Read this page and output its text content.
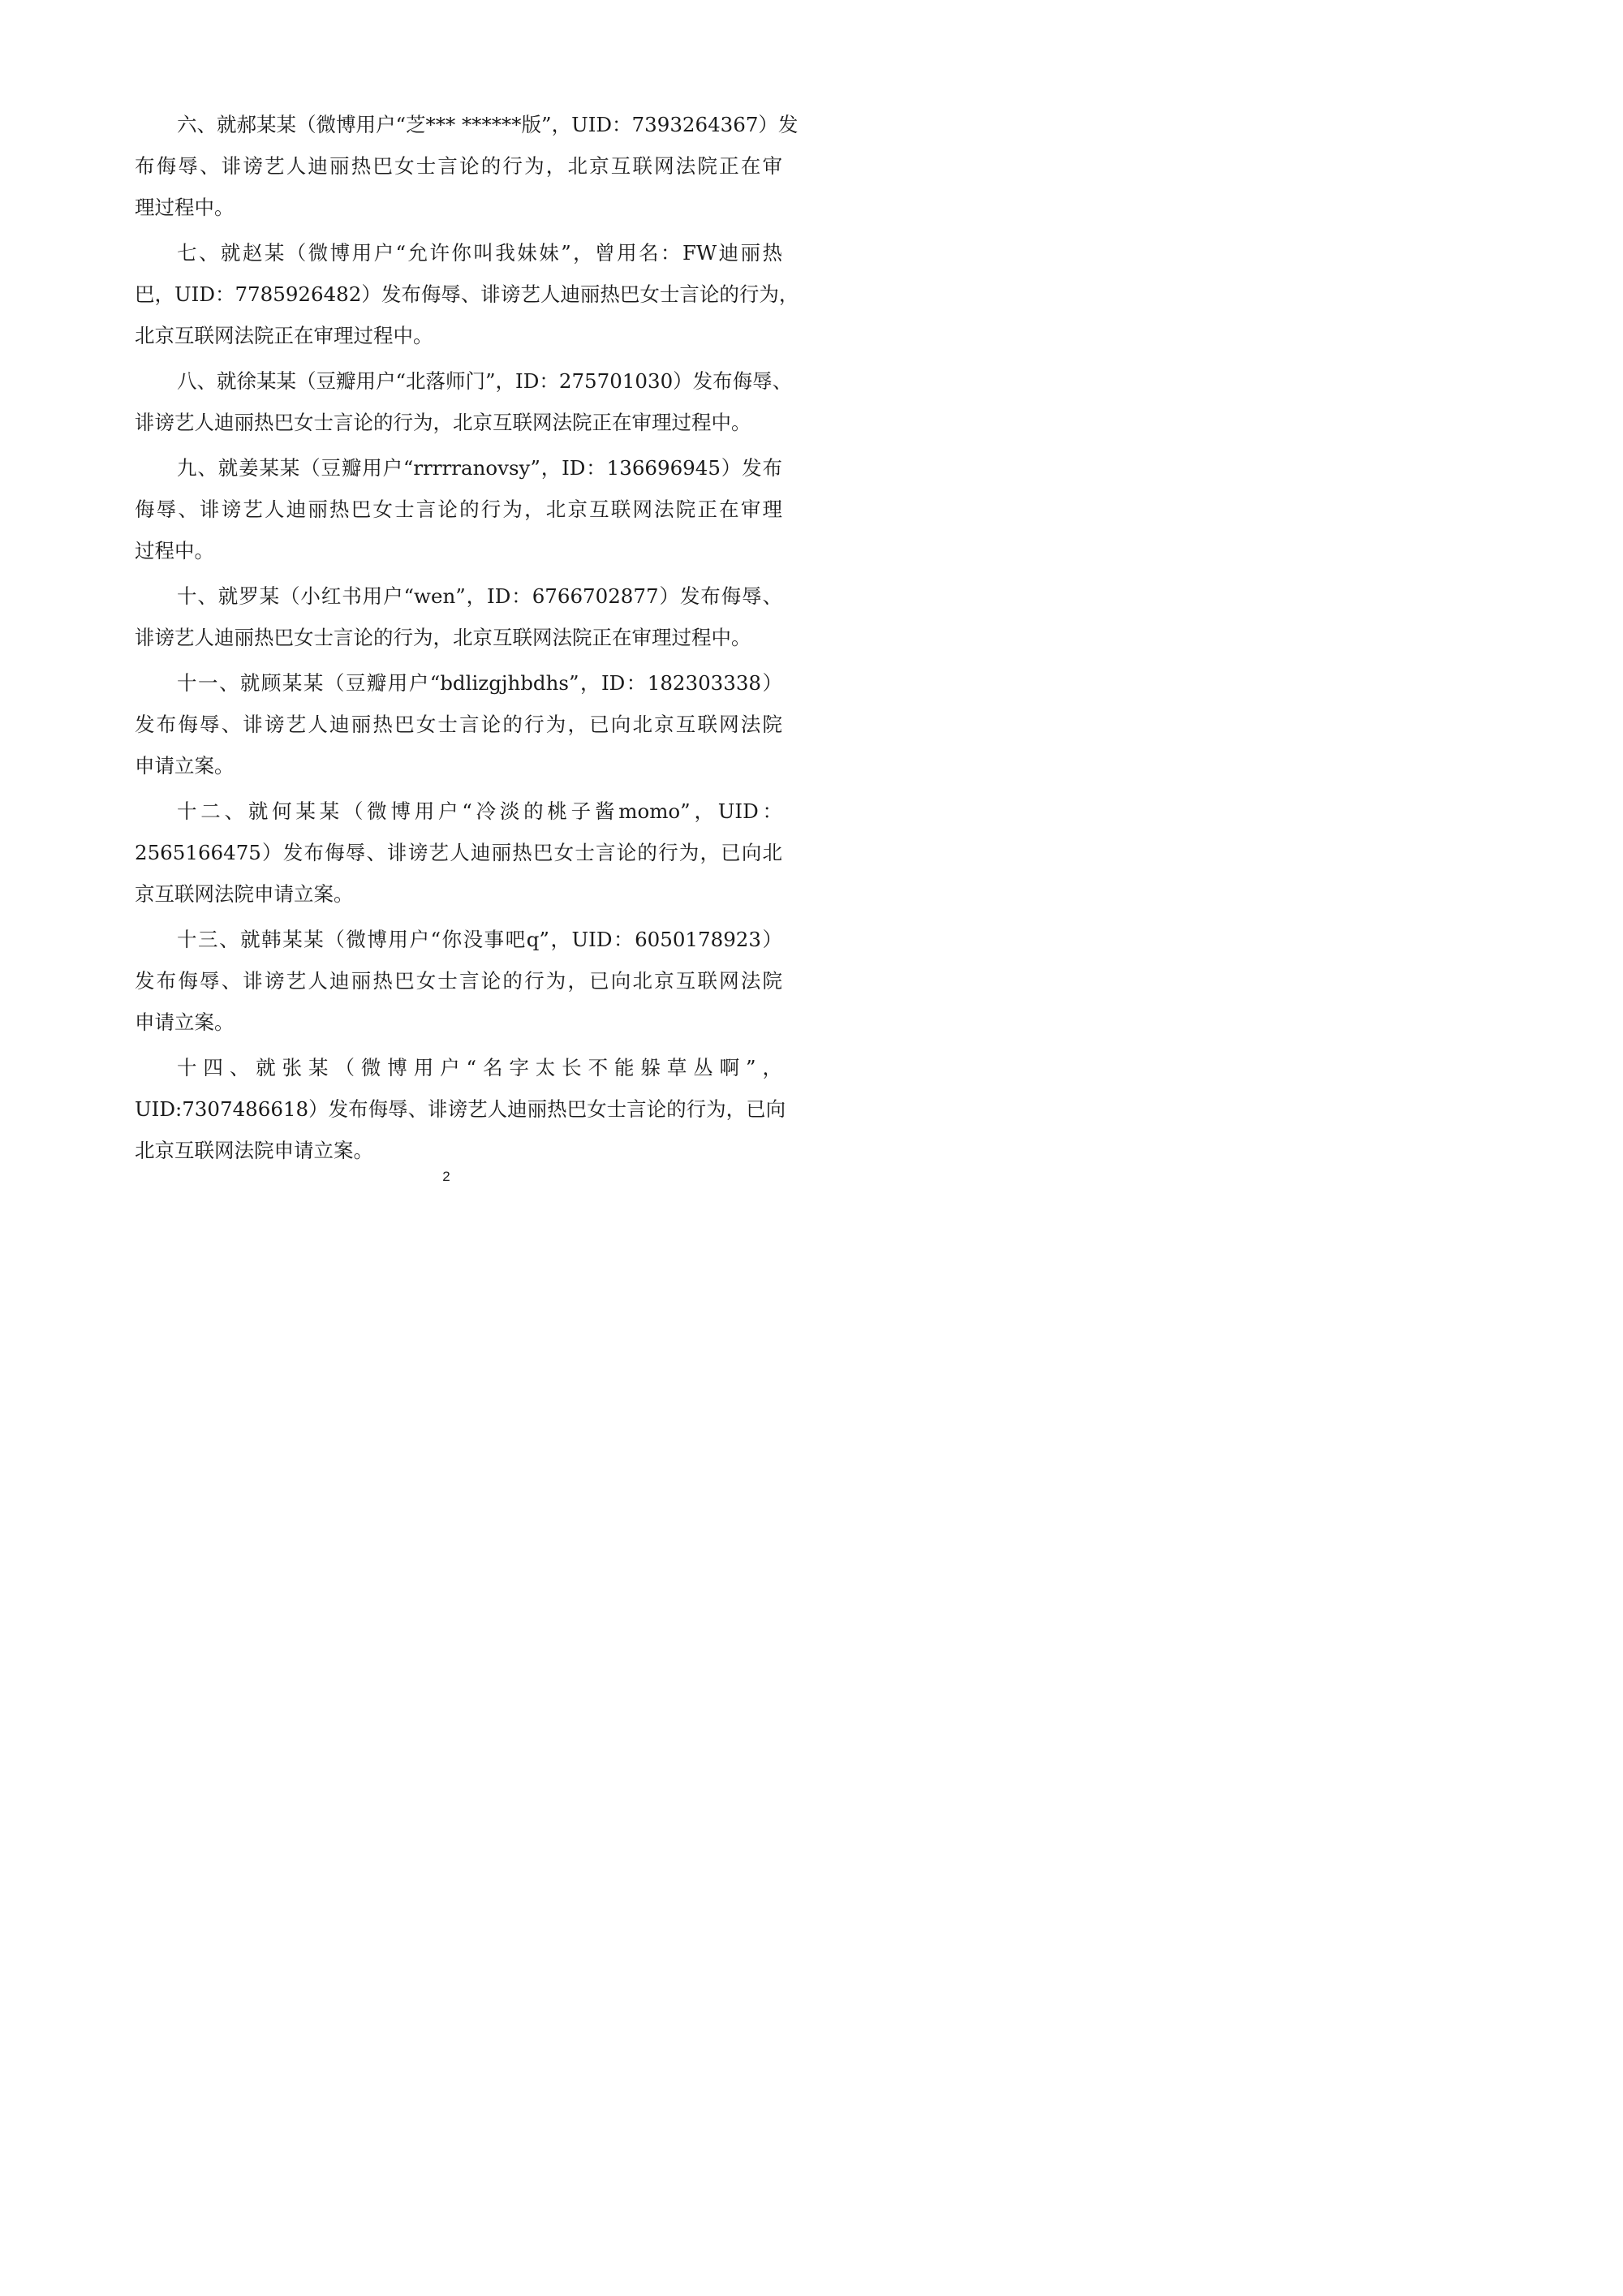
六、就郝某某（微博用户“芝*** ******版”，UID：7393264367）发
布侮辱、诽谤艺人迪丽热巴女士言论的行为，北京互联网法院正在审
理过程中。

七、就赵某（微博用户“允许你叫我妹妹”，曾用名：FW迪丽热
巴，UID：7785926482）发布侮辱、诽谤艺人迪丽热巴女士言论的行为，
北京互联网法院正在审理过程中。

八、就徐某某（豆瓣用户“北落师门”，ID：275701030）发布侮辱、
诽谤艺人迪丽热巴女士言论的行为，北京互联网法院正在审理过程中。

九、就姜某某（豆瓣用户“rrrrranovsy”，ID：136696945）发布
侮辱、诽谤艺人迪丽热巴女士言论的行为，北京互联网法院正在审理
过程中。

十、就罗某（小红书用户“wen”，ID：6766702877）发布侮辱、
诽谤艺人迪丽热巴女士言论的行为，北京互联网法院正在审理过程中。

十一、就顾某某（豆瓣用户“bdlizgjhbdhs”，ID：182303338）
发布侮辱、诽谤艺人迪丽热巴女士言论的行为，已向北京互联网法院
申请立案。

十二、就何某某（微博用户“冷淡的桃子酱momo”，UID：
2565166475）发布侮辱、诽谤艺人迪丽热巴女士言论的行为，已向北
京互联网法院申请立案。

十三、就韩某某（微博用户“你没事吧q”，UID：6050178923）
发布侮辱、诽谤艺人迪丽热巴女士言论的行为，已向北京互联网法院
申请立案。

十四、就张某（微博用户“名字太长不能躲草丛啊”，
UID:7307486618）发布侮辱、诽谤艺人迪丽热巴女士言论的行为，已向
北京互联网法院申请立案。

2
